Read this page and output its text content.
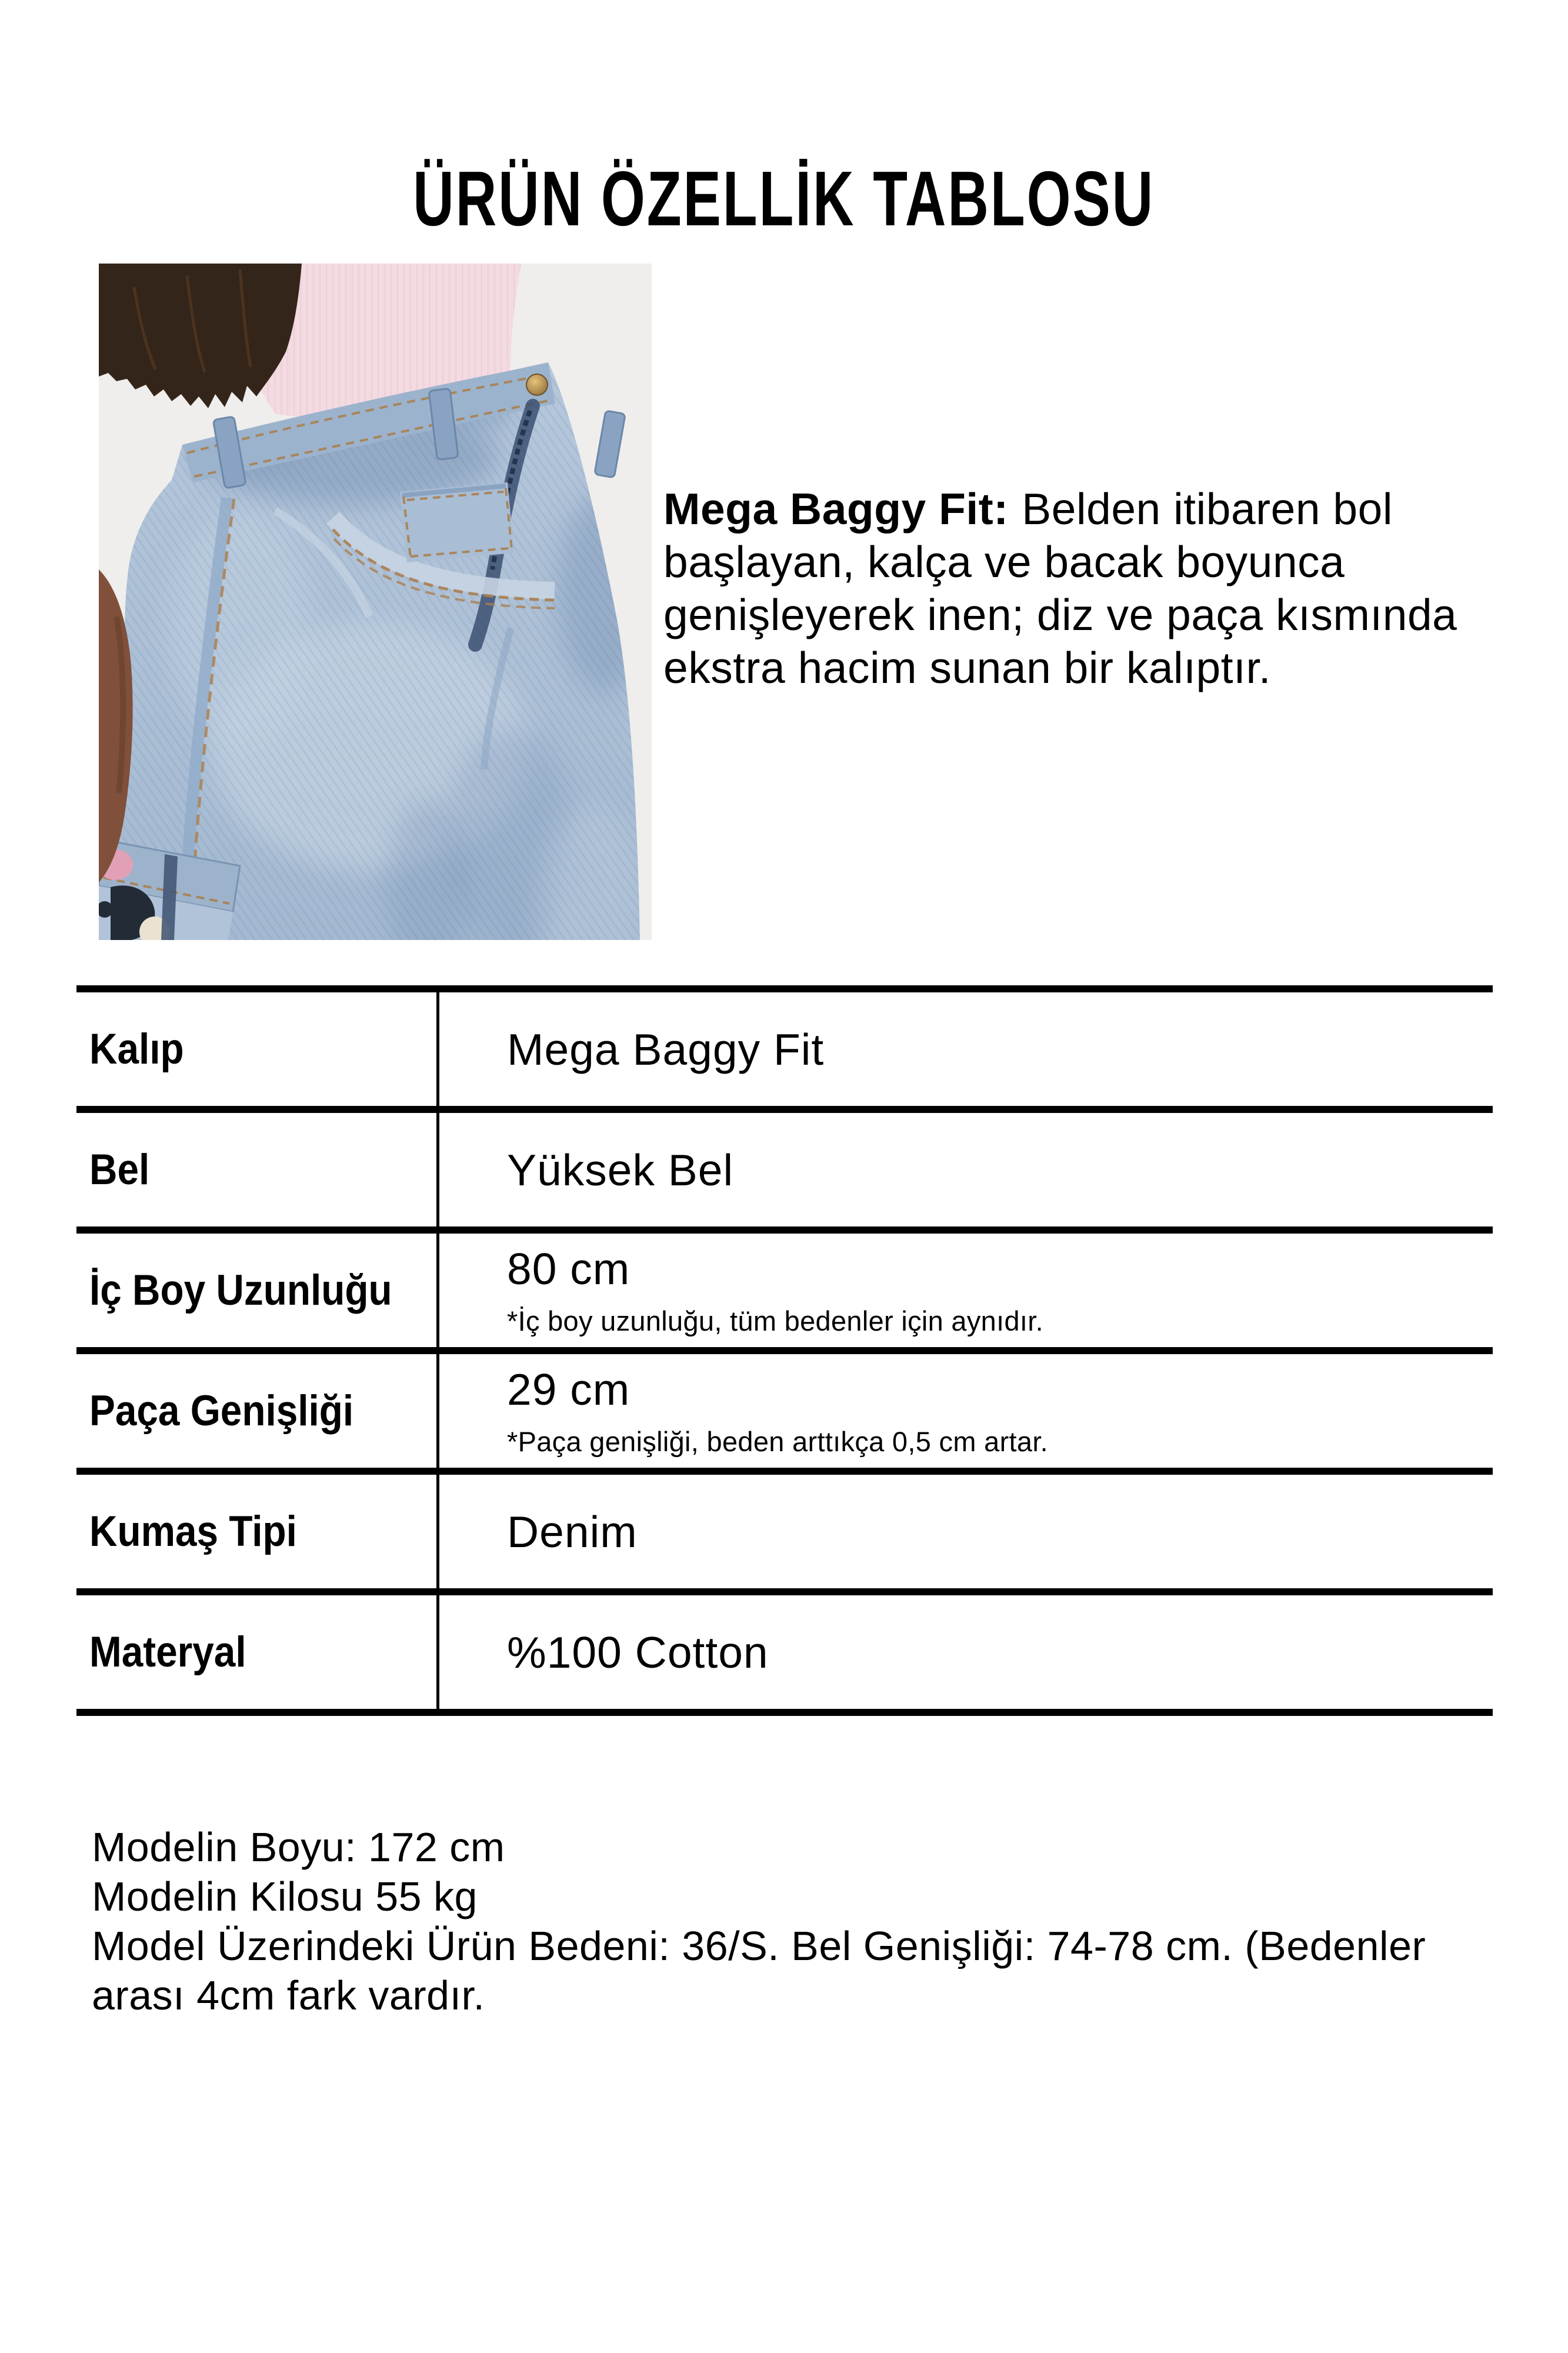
ÜRÜN ÖZELLİK TABLOSU
Mega Baggy Fit: Belden itibaren bol
başlayan, kalça ve bacak boyunca
genişleyerek inen; diz ve paça kısmında
ekstra hacim sunan bir kalıptır.
Kalıp	Mega Baggy Fit
Bel	Yüksek Bel
İç Boy Uzunluğu	80 cm
*İç boy uzunluğu, tüm bedenler için aynıdır.
Paça Genişliği	29 cm
*Paça genişliği, beden arttıkça 0,5 cm artar.
Kumaş Tipi	Denim
Materyal	%100 Cotton
Modelin Boyu: 172 cm
Modelin Kilosu 55 kg
Model Üzerindeki Ürün Bedeni: 36/S. Bel Genişliği: 74-78 cm. (Bedenler
arası 4cm fark vardır.
